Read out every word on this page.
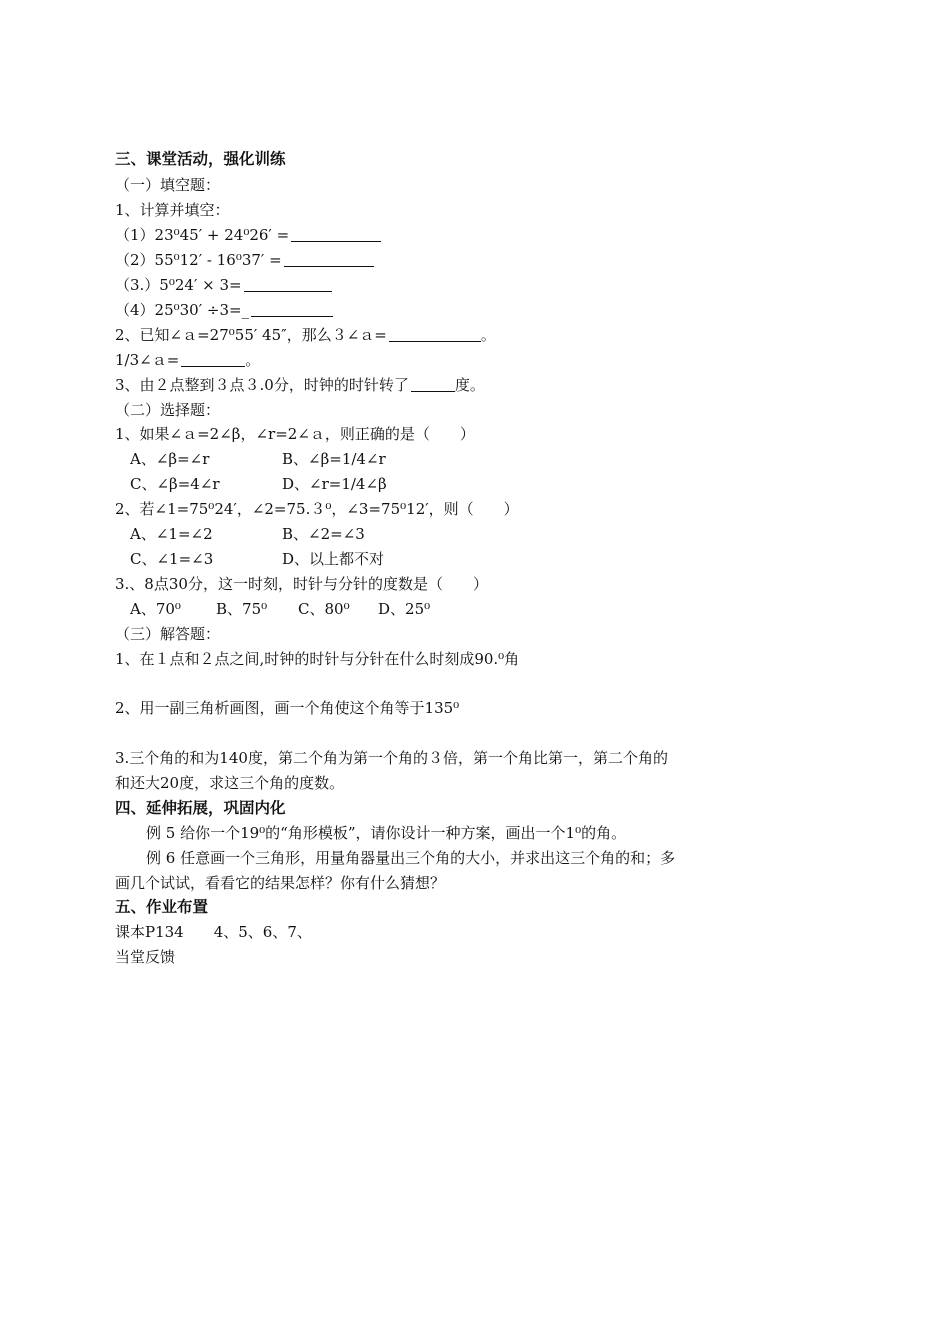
三、课堂活动，强化训练
（一）填空题：
1、计算并填空：
（1）23⁰45′ + 24⁰26′ =
（2）55⁰12′ - 16⁰37′ =
（3.）5⁰24′ × 3=
（4）25⁰30′ ÷3=_
2、已知∠ａ=27⁰55′ 45″，那么３∠ａ=	。
1/3∠ａ=	。
3、由２点整到３点３.0分，时钟的时针转了	度。
（二）选择题：
1、如果∠ａ=2∠β，∠r=2∠ａ，则正确的是（　　）
A、∠β=∠r	B、∠β=1/4∠r
C、∠β=4∠r	D、∠r=1/4∠β
2、若∠1=75⁰24′，∠2=75.３⁰，∠3=75⁰12′，则（　　）
A、∠1=∠2	B、∠2=∠3
C、∠1=∠3	D、以上都不对
3.、8点30分，这一时刻，时针与分针的度数是（　　）
A、70⁰ B、75⁰ C、80⁰ D、25⁰
（三）解答题：
1、在１点和２点之间,时钟的时针与分针在什么时刻成90.⁰角
2、用一副三角析画图，画一个角使这个角等于135⁰
3.三个角的和为140度，第二个角为第一个角的３倍，第一个角比第一，第二个角的
和还大20度，求这三个角的度数。
四、延伸拓展，巩固内化
例 5 给你一个19⁰的“角形模板”，请你设计一种方案，画出一个1⁰的角。
例 6 任意画一个三角形，用量角器量出三个角的大小，并求出这三个角的和；多
画几个试试，看看它的结果怎样？你有什么猜想？
五、作业布置
课本P134　　4、5、6、7、
当堂反馈
